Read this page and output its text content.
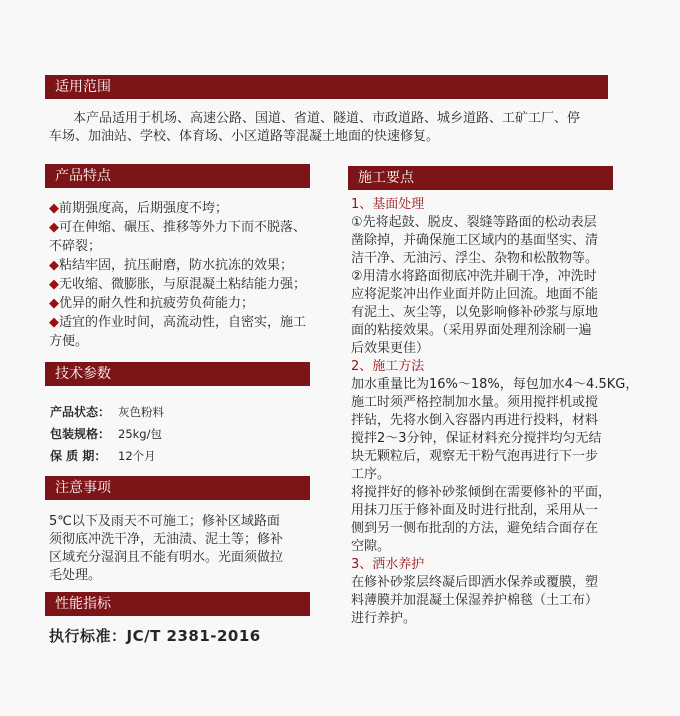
适用范围
本产品适用于机场、高速公路、国道、省道、隧道、市政道路、城乡道路、工矿工厂、停
车场、加油站、学校、体育场、小区道路等混凝土地面的快速修复。
产品特点
◆前期强度高，后期强度不垮；
◆可在伸缩、碾压、推移等外力下而不脱落、
不碎裂；
◆粘结牢固，抗压耐磨，防水抗冻的效果；
◆无收缩、微膨胀，与原混凝土粘结能力强；
◆优异的耐久性和抗疲劳负荷能力；
◆适宜的作业时间，高流动性，自密实，施工
方便。
技术参数
产品状态： 灰色粉料
包装规格： 25kg/包
保 质 期： 12个月
注意事项
5℃以下及雨天不可施工；修补区域路面
须彻底冲洗干净，无油渍、泥土等；修补
区域充分湿润且不能有明水。光面须做拉
毛处理。
性能指标
执行标准：JC/T 2381-2016
施工要点
1、基面处理
①先将起鼓、脱皮、裂缝等路面的松动表层
凿除掉，并确保施工区域内的基面坚实、清
洁干净、无油污、浮尘、杂物和松散物等。
②用清水将路面彻底冲洗并刷干净，冲洗时
应将泥浆冲出作业面并防止回流。地面不能
有泥土、灰尘等，以免影响修补砂浆与原地
面的粘接效果。（采用界面处理剂涂刷一遍
后效果更佳）
2、施工方法
加水重量比为16%～18%，每包加水4～4.5KG，
施工时须严格控制加水量。须用搅拌机或搅
拌钻，先将水倒入容器内再进行投料，材料
搅拌2～3分钟，保证材料充分搅拌均匀无结
块无颗粒后，观察无干粉气泡再进行下一步
工序。
将搅拌好的修补砂浆倾倒在需要修补的平面，
用抹刀压于修补面及时进行批刮，采用从一
侧到另一侧布批刮的方法，避免结合面存在
空隙。
3、洒水养护
在修补砂浆层终凝后即洒水保养或覆膜，塑
料薄膜并加混凝土保湿养护棉毯（土工布）
进行养护。
